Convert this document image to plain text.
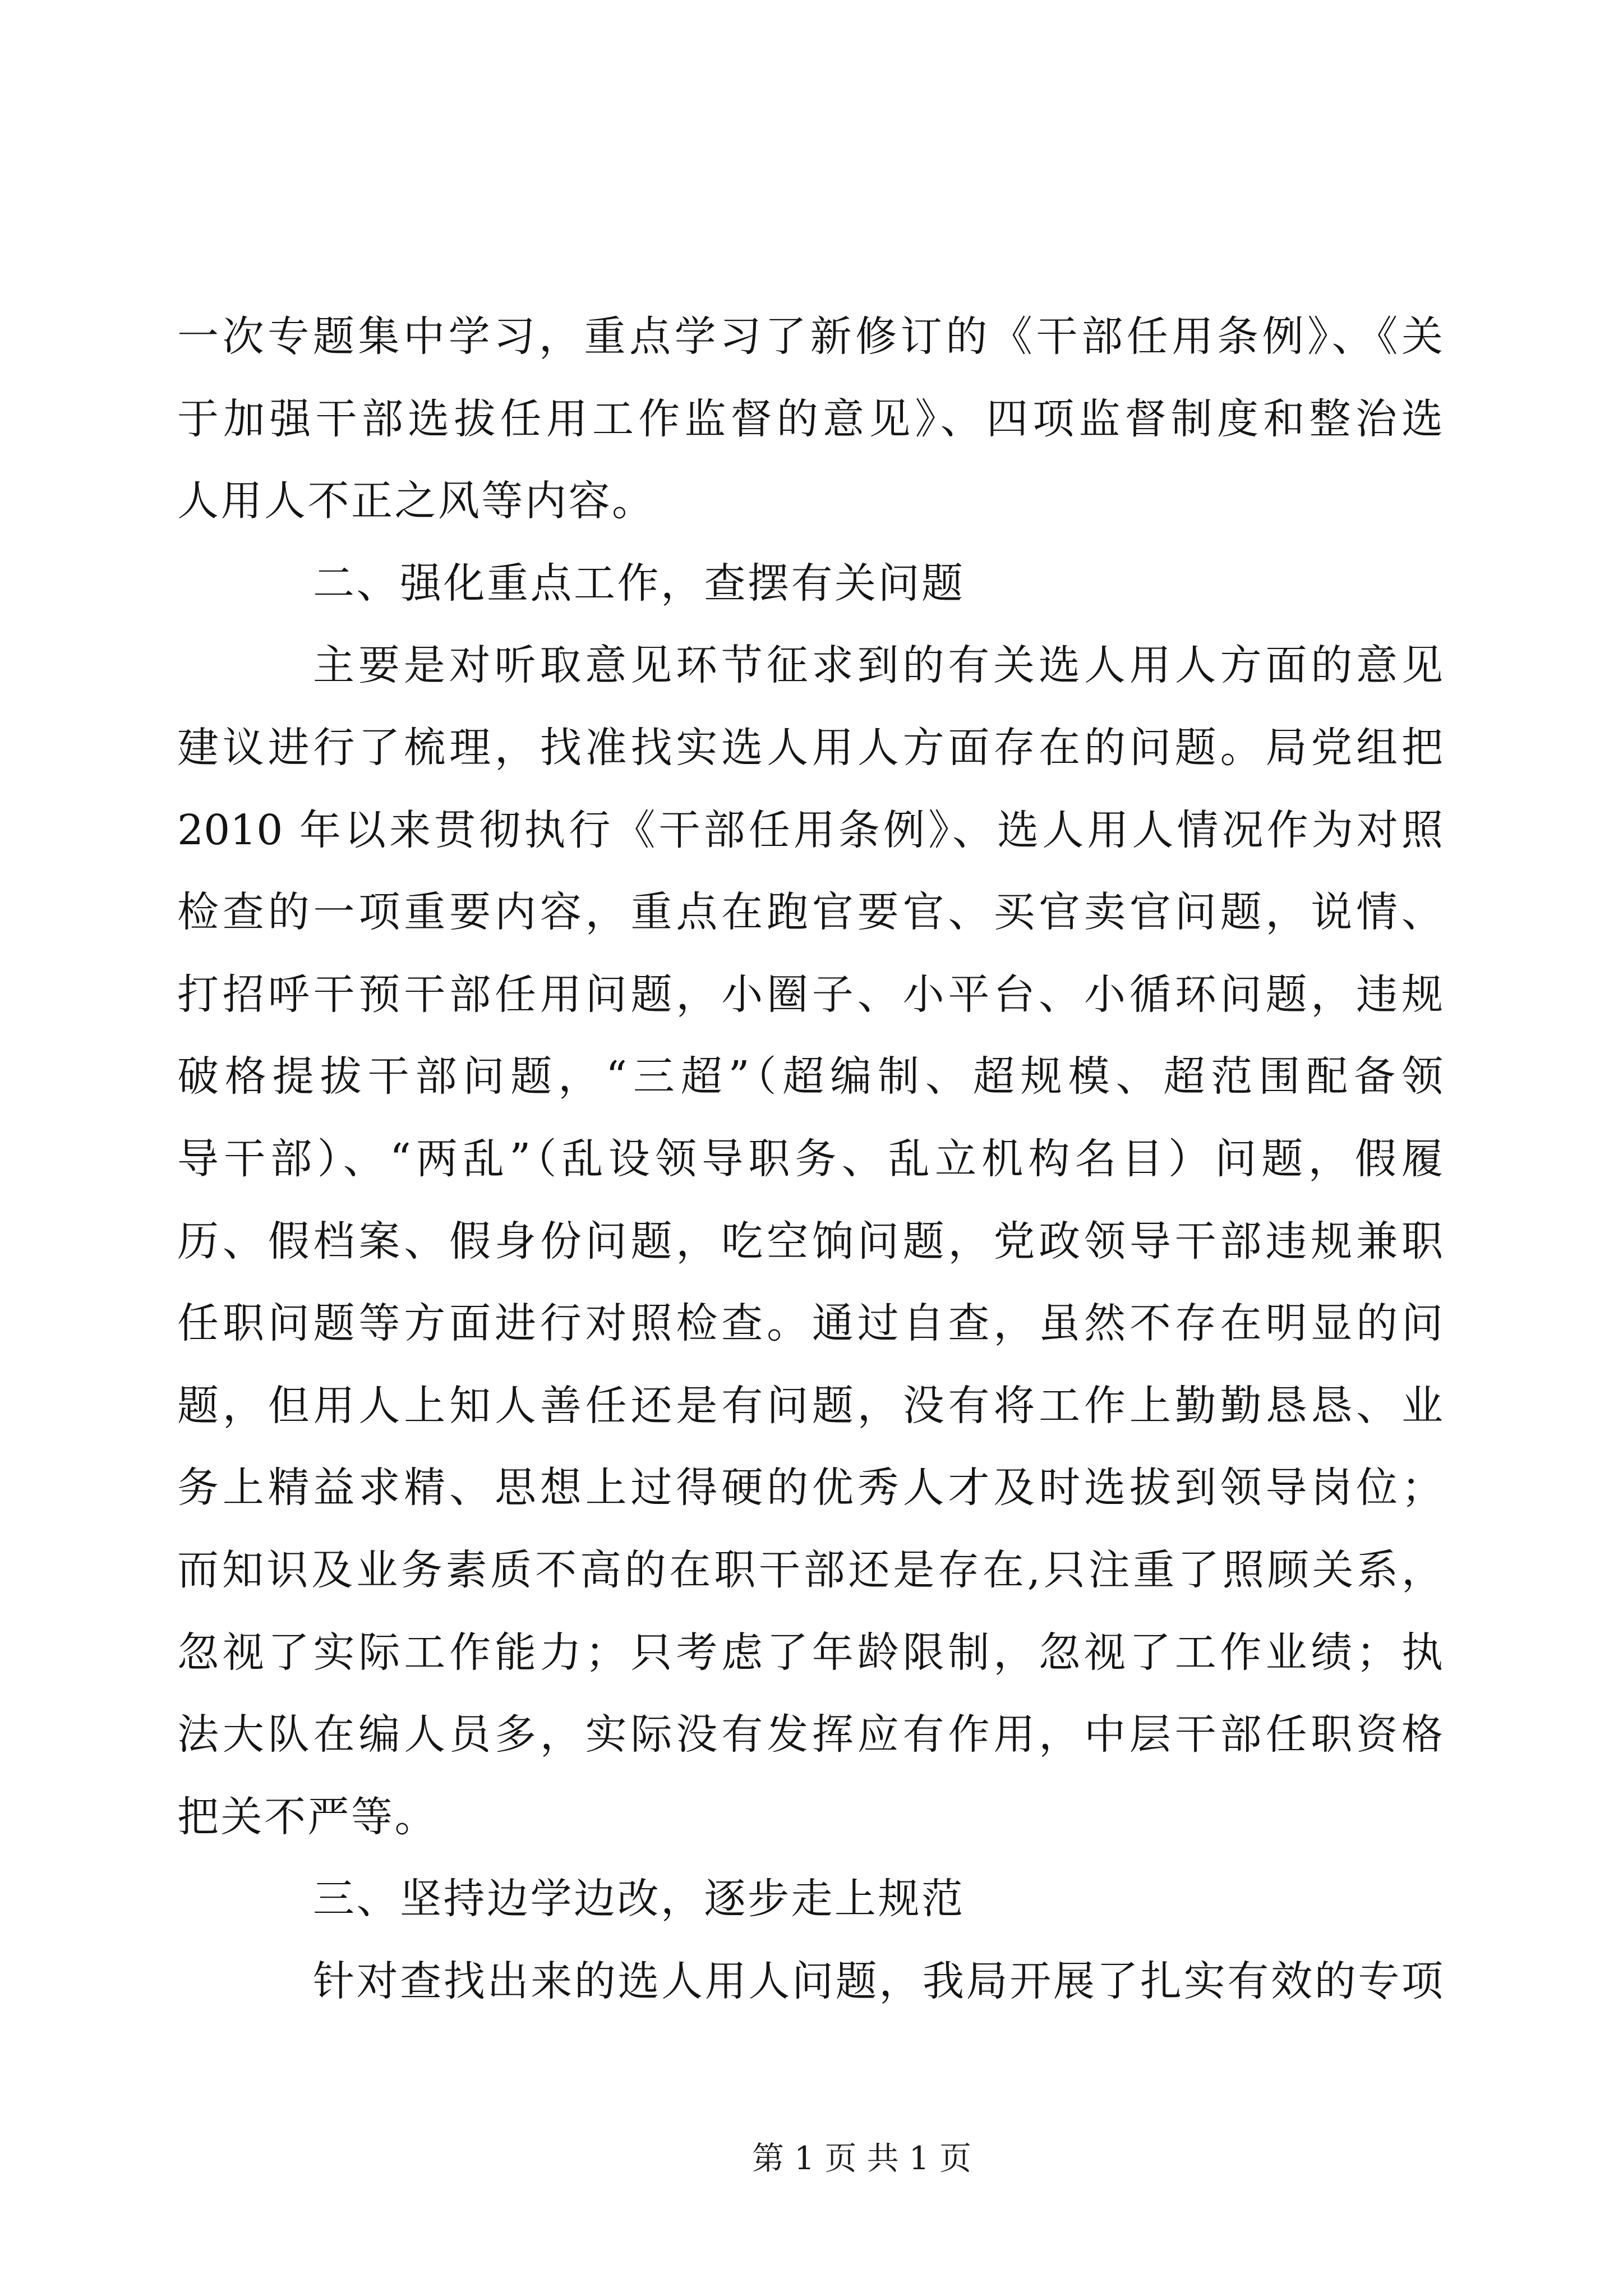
一次专题集中学习，重点学习了新修订的《干部任用条例》、《关
于加强干部选拔任用工作监督的意见》、四项监督制度和整治选
人用人不正之风等内容。
二、强化重点工作，查摆有关问题
主要是对听取意见环节征求到的有关选人用人方面的意见
建议进行了梳理，找准找实选人用人方面存在的问题。局党组把
2010 年以来贯彻执行《干部任用条例》、选人用人情况作为对照
检查的一项重要内容，重点在跑官要官、买官卖官问题，说情、
打招呼干预干部任用问题，小圈子、小平台、小循环问题，违规
破格提拔干部问题，“三超”（超编制、超规模、超范围配备领
导干部）、“两乱”（乱设领导职务、乱立机构名目）问题，假履
历、假档案、假身份问题，吃空饷问题，党政领导干部违规兼职
任职问题等方面进行对照检查。通过自查，虽然不存在明显的问
题，但用人上知人善任还是有问题，没有将工作上勤勤恳恳、业
务上精益求精、思想上过得硬的优秀人才及时选拔到领导岗位；
而知识及业务素质不高的在职干部还是存在,只注重了照顾关系，
忽视了实际工作能力；只考虑了年龄限制，忽视了工作业绩；执
法大队在编人员多，实际没有发挥应有作用，中层干部任职资格
把关不严等。
三、坚持边学边改，逐步走上规范
针对查找出来的选人用人问题，我局开展了扎实有效的专项
第 1 页 共 1 页
